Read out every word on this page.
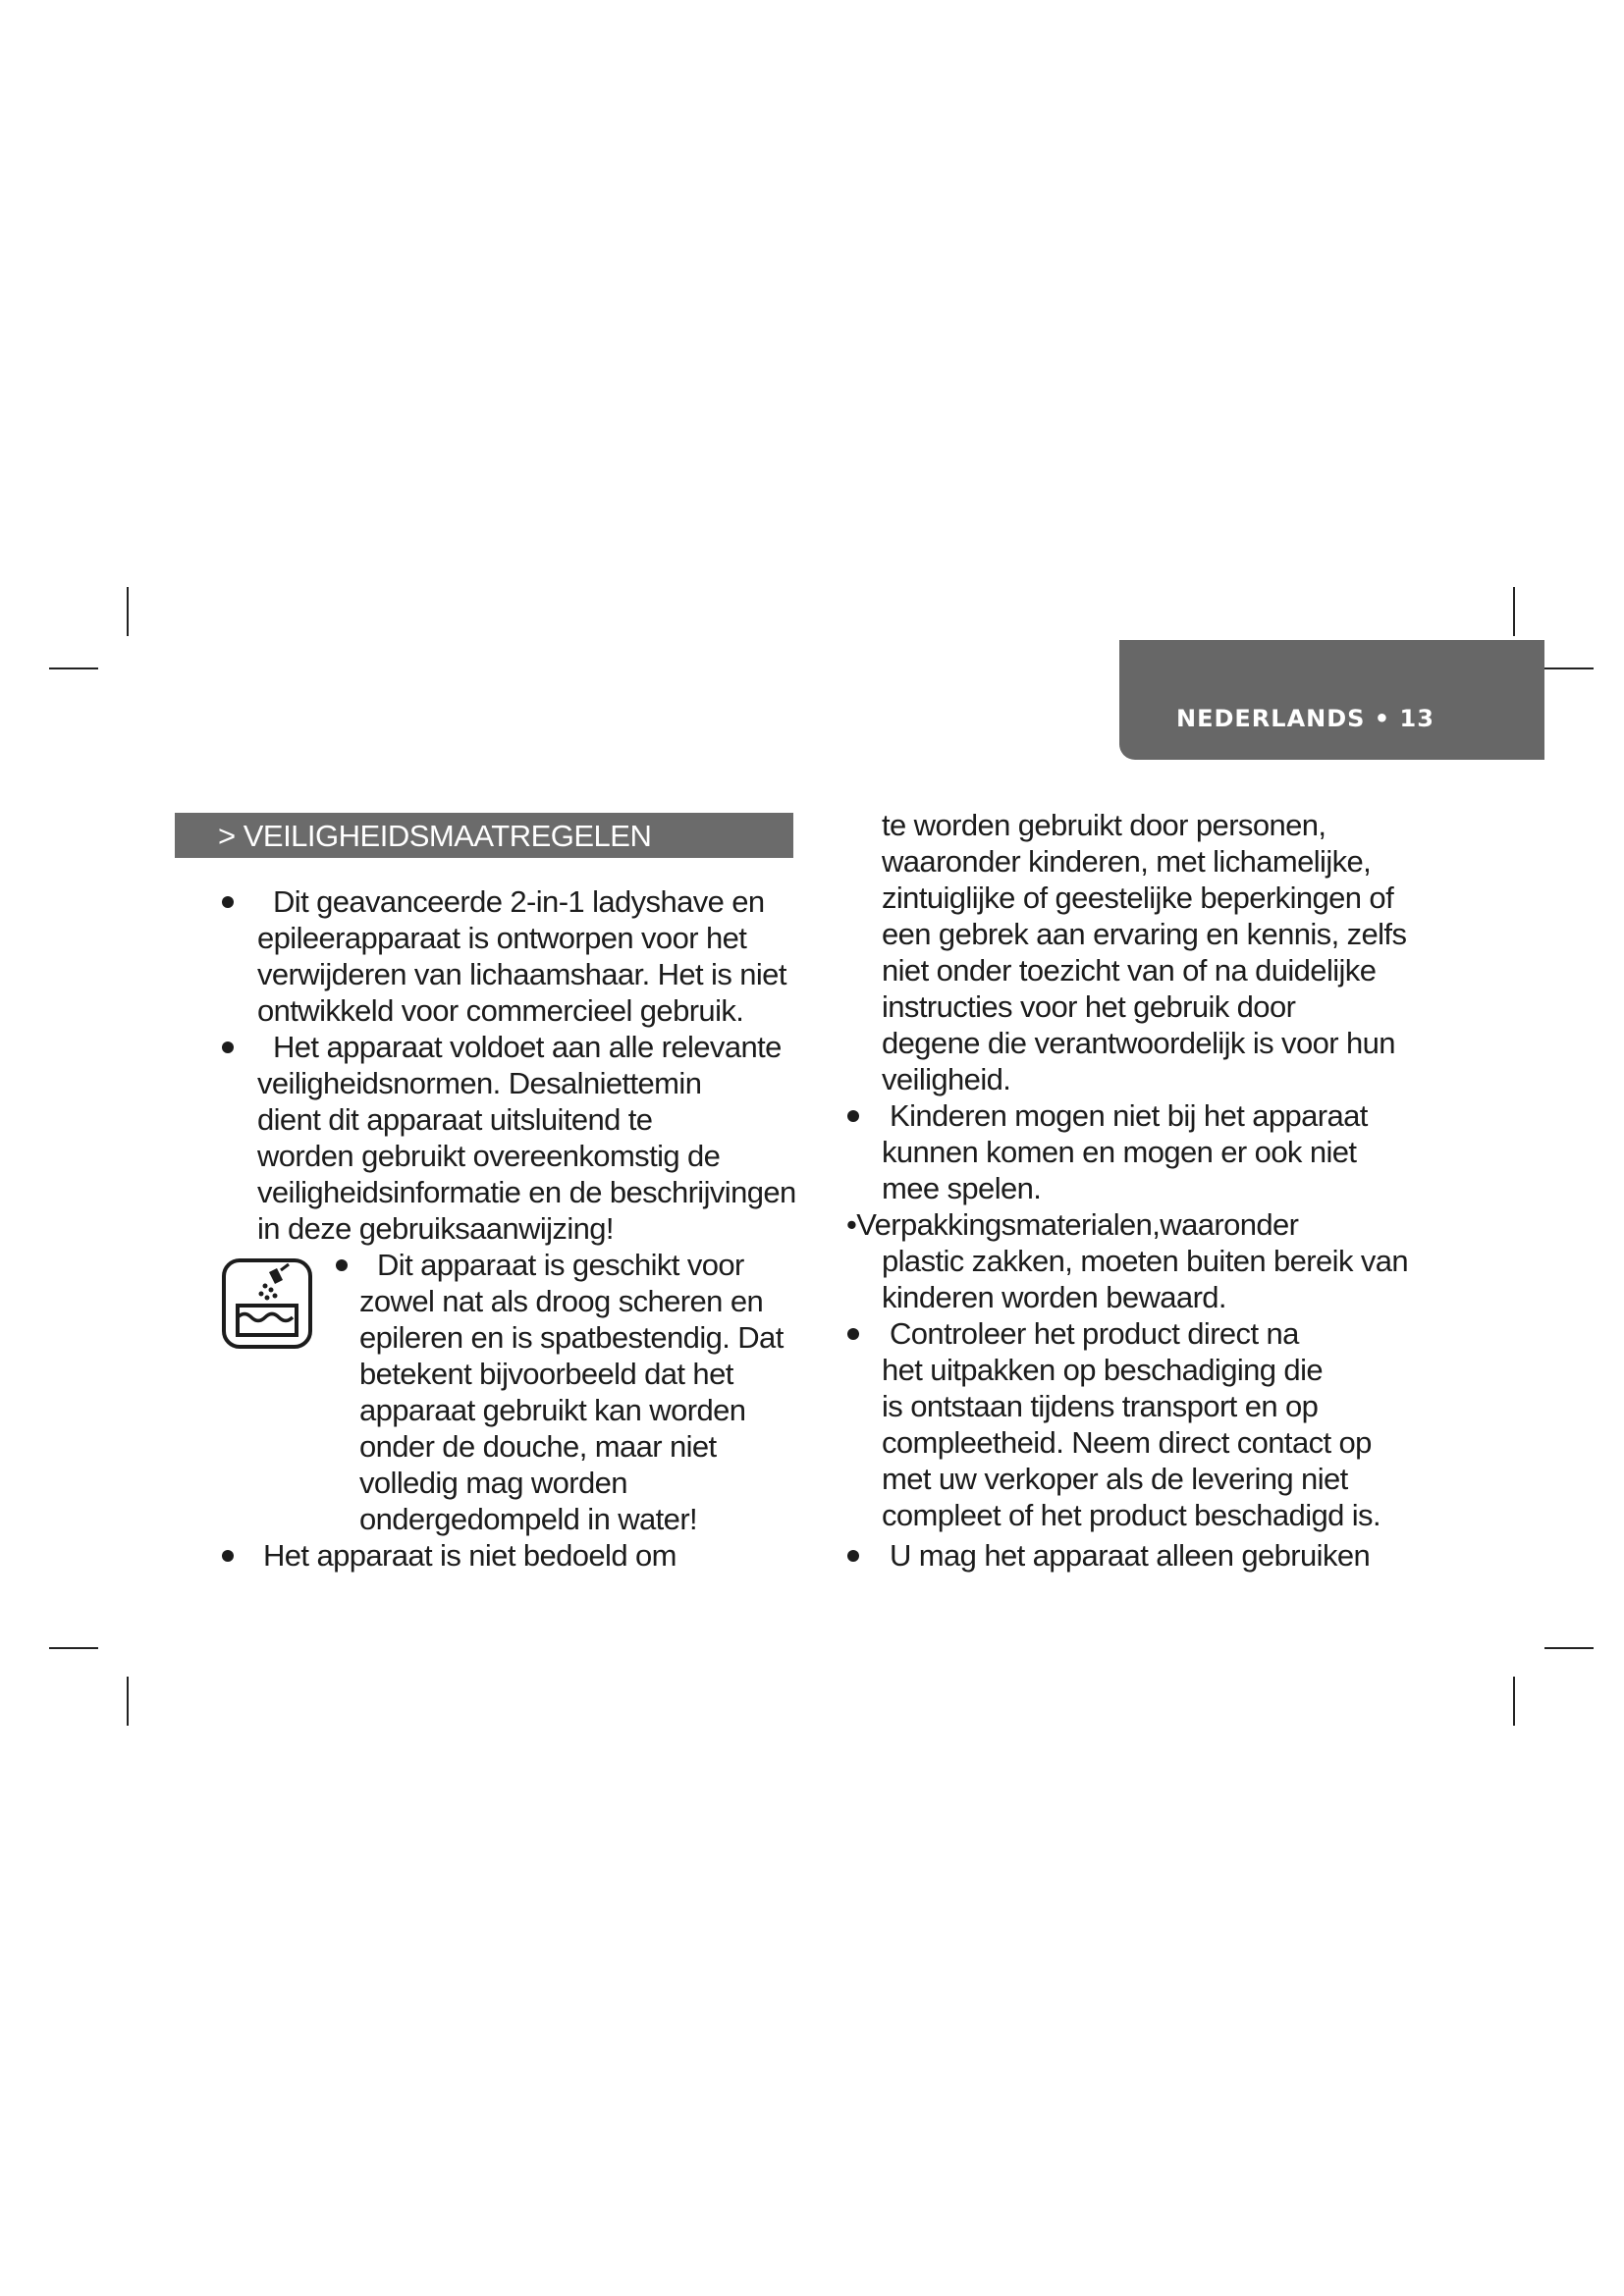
NEDERLANDS • 13
> VEILIGHEIDSMAATREGELEN
Dit geavanceerde 2-in-1 ladyshave en
epileerapparaat is ontworpen voor het
verwijderen van lichaamshaar. Het is niet
ontwikkeld voor commercieel gebruik.
Het apparaat voldoet aan alle relevante
veiligheidsnormen. Desalniettemin
dient dit apparaat uitsluitend te
worden gebruikt overeenkomstig de
veiligheidsinformatie en de beschrijvingen
in deze gebruiksaanwijzing!
Dit apparaat is geschikt voor
zowel nat als droog scheren en
epileren en is spatbestendig. Dat
betekent bijvoorbeeld dat het
apparaat gebruikt kan worden
onder de douche, maar niet
volledig mag worden
ondergedompeld in water!
Het apparaat is niet bedoeld om
te worden gebruikt door personen,
waaronder kinderen, met lichamelijke,
zintuiglijke of geestelijke beperkingen of
een gebrek aan ervaring en kennis, zelfs
niet onder toezicht van of na duidelijke
instructies voor het gebruik door
degene die verantwoordelijk is voor hun
veiligheid.
Kinderen mogen niet bij het apparaat
kunnen komen en mogen er ook niet
mee spelen.
•Verpakkingsmaterialen,waaronder
plastic zakken, moeten buiten bereik van
kinderen worden bewaard.
Controleer het product direct na
het uitpakken op beschadiging die
is ontstaan tijdens transport en op
compleetheid. Neem direct contact op
met uw verkoper als de levering niet
compleet of het product beschadigd is.
U mag het apparaat alleen gebruiken
